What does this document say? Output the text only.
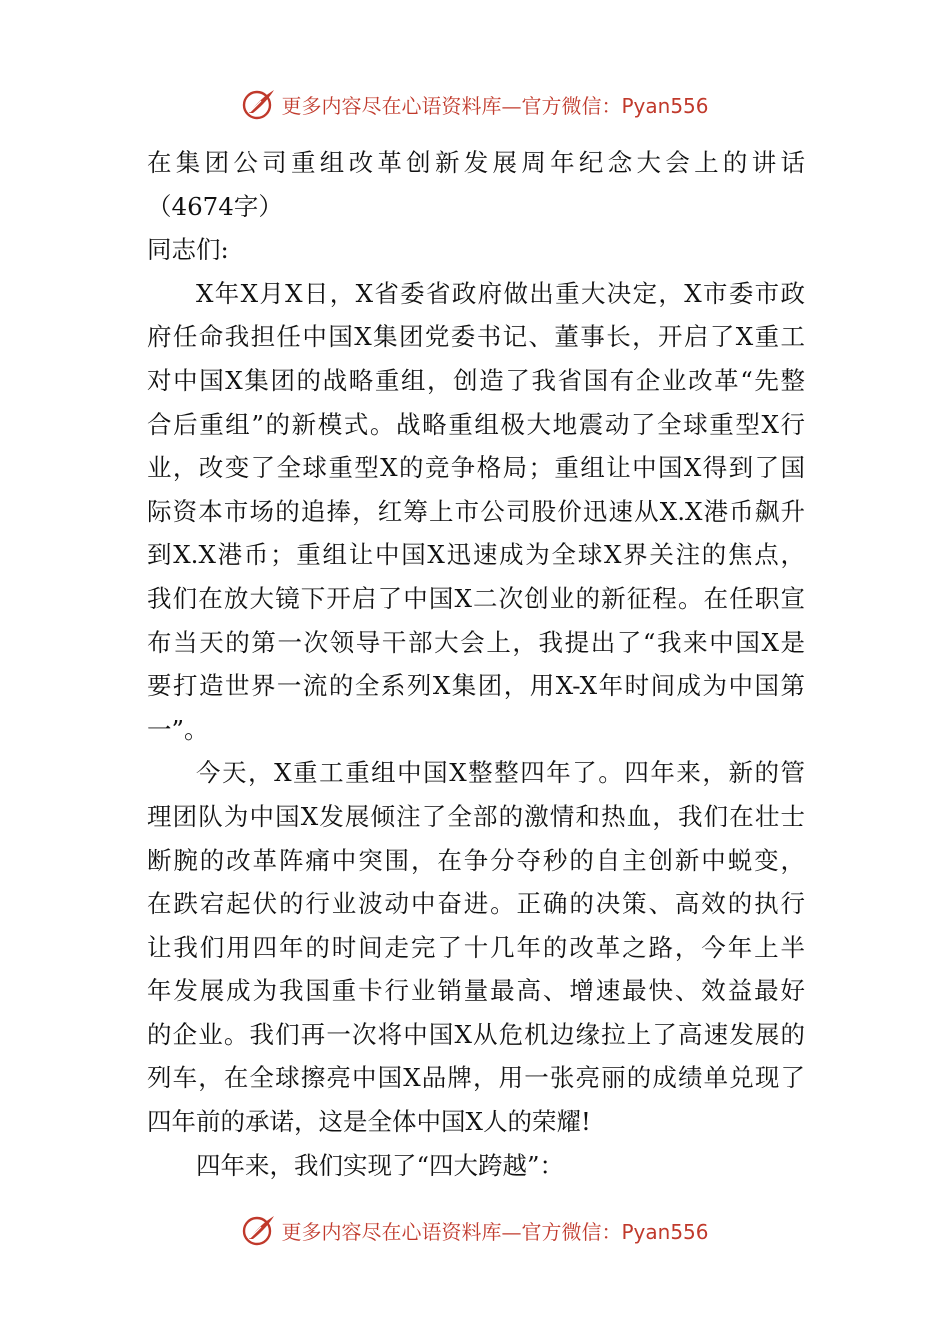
更多内容尽在心语资料库—官方微信：Pyan556
在集团公司重组改革创新发展周年纪念大会上的讲话
（4674字）
同志们:
X年X月X日，X省委省政府做出重大决定，X市委市政
府任命我担任中国X集团党委书记、董事长，开启了X重工
对中国X集团的战略重组，创造了我省国有企业改革“先整
合后重组”的新模式。战略重组极大地震动了全球重型X行
业，改变了全球重型X的竞争格局；重组让中国X得到了国
际资本市场的追捧，红筹上市公司股价迅速从X.X港币飙升
到X.X港币；重组让中国X迅速成为全球X界关注的焦点，
我们在放大镜下开启了中国X二次创业的新征程。在任职宣
布当天的第一次领导干部大会上，我提出了“我来中国X是
要打造世界一流的全系列X集团，用X-X年时间成为中国第
一”。
今天，X重工重组中国X整整四年了。四年来，新的管
理团队为中国X发展倾注了全部的激情和热血，我们在壮士
断腕的改革阵痛中突围，在争分夺秒的自主创新中蜕变，
在跌宕起伏的行业波动中奋进。正确的决策、高效的执行
让我们用四年的时间走完了十几年的改革之路，今年上半
年发展成为我国重卡行业销量最高、增速最快、效益最好
的企业。我们再一次将中国X从危机边缘拉上了高速发展的
列车，在全球擦亮中国X品牌，用一张亮丽的成绩单兑现了
四年前的承诺，这是全体中国X人的荣耀!
四年来，我们实现了“四大跨越”：
更多内容尽在心语资料库—官方微信：Pyan556
